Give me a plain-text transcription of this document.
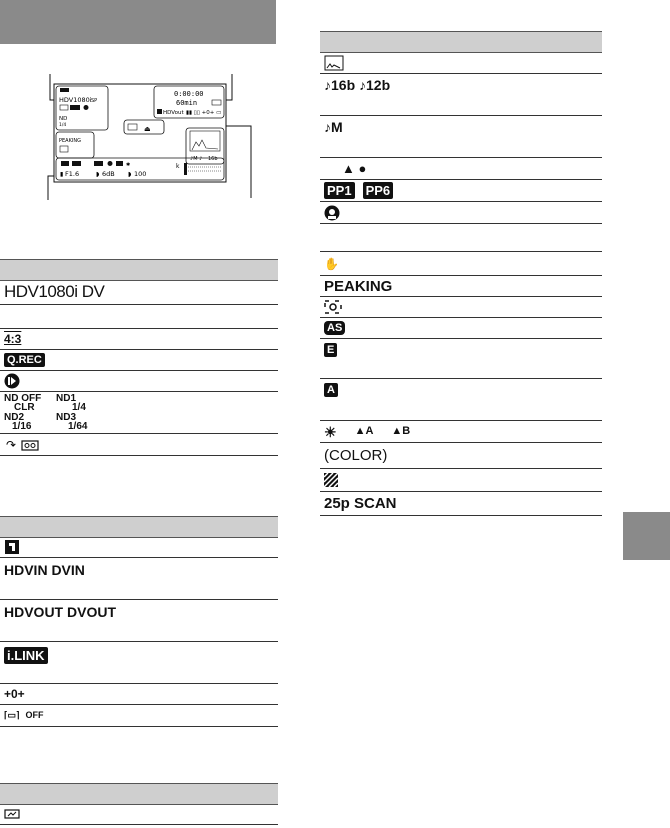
HDV1080i SP
ND
1/4
0:00:00
60min
HDVout ▮▮ ▯▯ +0+ ▭
⏏
PEAKING
♪M ♪ 16b
✱
▮ F1.6	◗ 6dB ◗ 100
k
HDV1080i DV
4:3
Q.REC
ND OFF
CLR
ND1
1/4
ND2
1/16
ND3
1/64
↷
HDVIN DVIN
HDVOUT DVOUT
i.LINK
+0+
⌈▭⌉ OFF
♪16b ♪12b
♪M
▲ ●
PP1 PP6
✋
PEAKING
AS
E
A
☀ ▲A ▲B
(COLOR)
25p SCAN
